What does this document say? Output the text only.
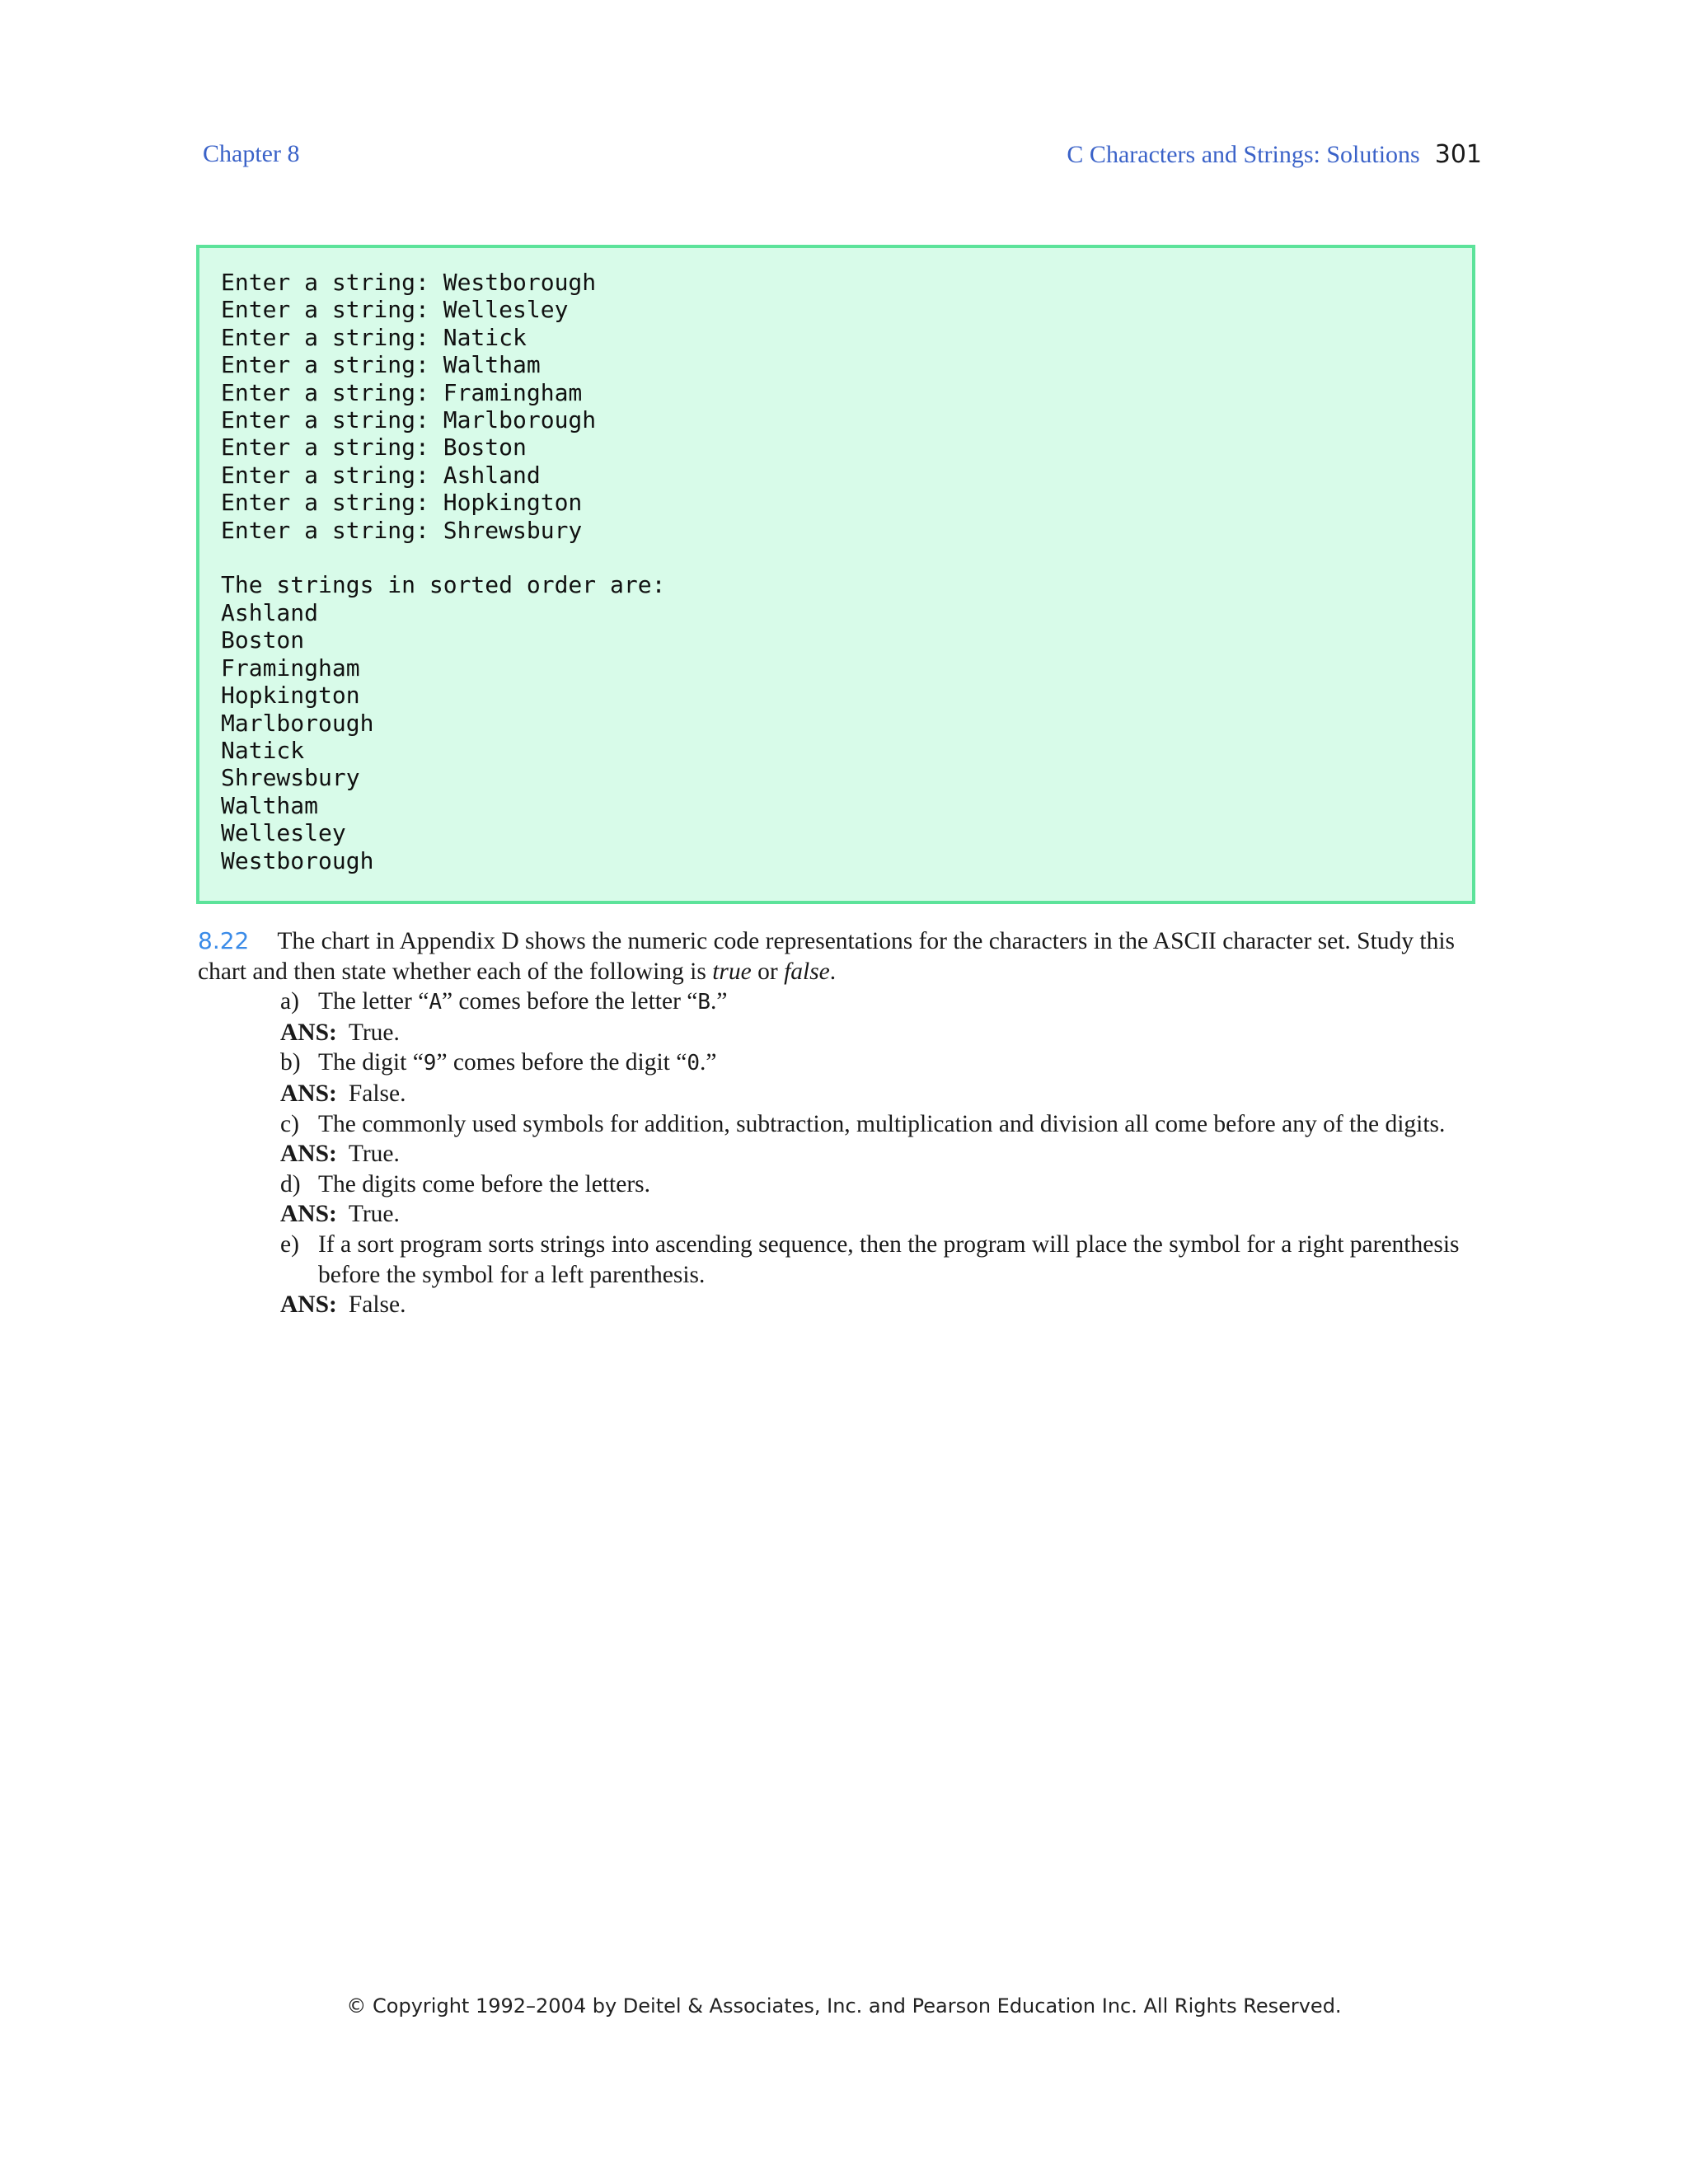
Chapter 8	C Characters and Strings: Solutions 301
Enter a string: Westborough
Enter a string: Wellesley
Enter a string: Natick
Enter a string: Waltham
Enter a string: Framingham
Enter a string: Marlborough
Enter a string: Boston
Enter a string: Ashland
Enter a string: Hopkington
Enter a string: Shrewsbury

The strings in sorted order are:
Ashland
Boston
Framingham
Hopkington
Marlborough
Natick
Shrewsbury
Waltham
Wellesley
Westborough
8.22 The chart in Appendix D shows the numeric code representations for the characters in the ASCII character set. Study this chart and then state whether each of the following is true or false.
a) The letter “A” comes before the letter “B.”
ANS: True.
b) The digit “9” comes before the digit “0.”
ANS: False.
c) The commonly used symbols for addition, subtraction, multiplication and division all come before any of the digits.
ANS: True.
d) The digits come before the letters.
ANS: True.
e) If a sort program sorts strings into ascending sequence, then the program will place the symbol for a right parenthesis before the symbol for a left parenthesis.
ANS: False.
© Copyright 1992–2004 by Deitel & Associates, Inc. and Pearson Education Inc. All Rights Reserved.
